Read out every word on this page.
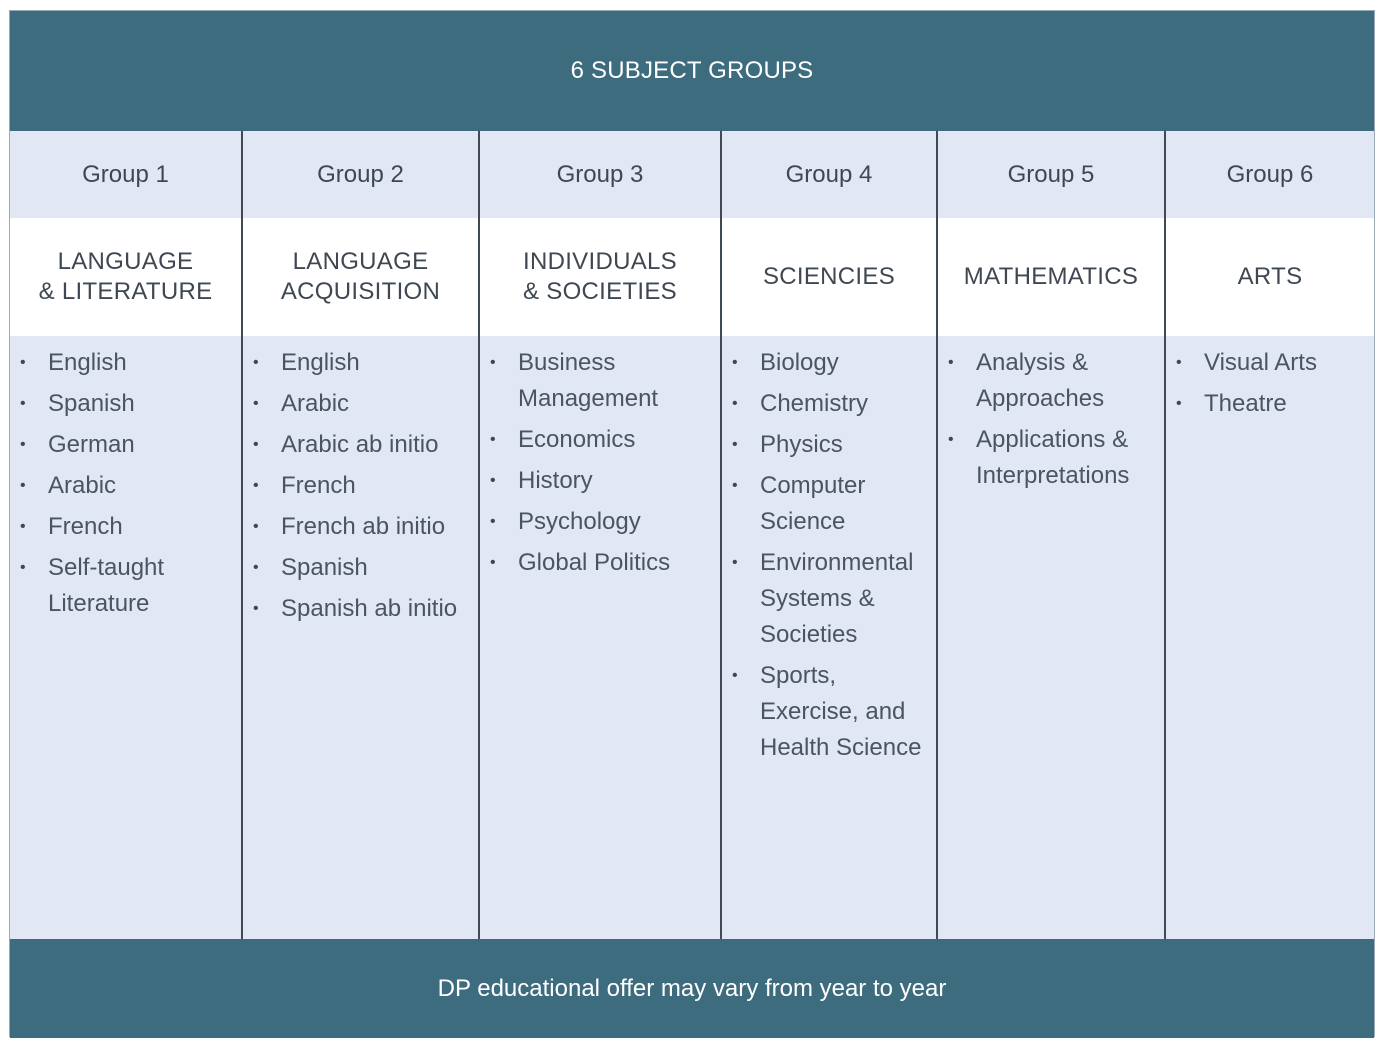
6 SUBJECT GROUPS
Group 1
LANGUAGE
& LITERATURE
• English
• Spanish
• German
• Arabic
• French
• Self-taught Literature
Group 2
LANGUAGE
ACQUISITION
• English
• Arabic
• Arabic ab initio
• French
• French ab initio
• Spanish
• Spanish ab initio
Group 3
INDIVIDUALS
& SOCIETIES
• Business Management
• Economics
• History
• Psychology
• Global Politics
Group 4
SCIENCIES
• Biology
• Chemistry
• Physics
• Computer Science
• Environmental Systems & Societies
• Sports, Exercise, and Health Science
Group 5
MATHEMATICS
• Analysis & Approaches
• Applications & Interpretations
Group 6
ARTS
• Visual Arts
• Theatre
DP educational offer may vary from year to year
